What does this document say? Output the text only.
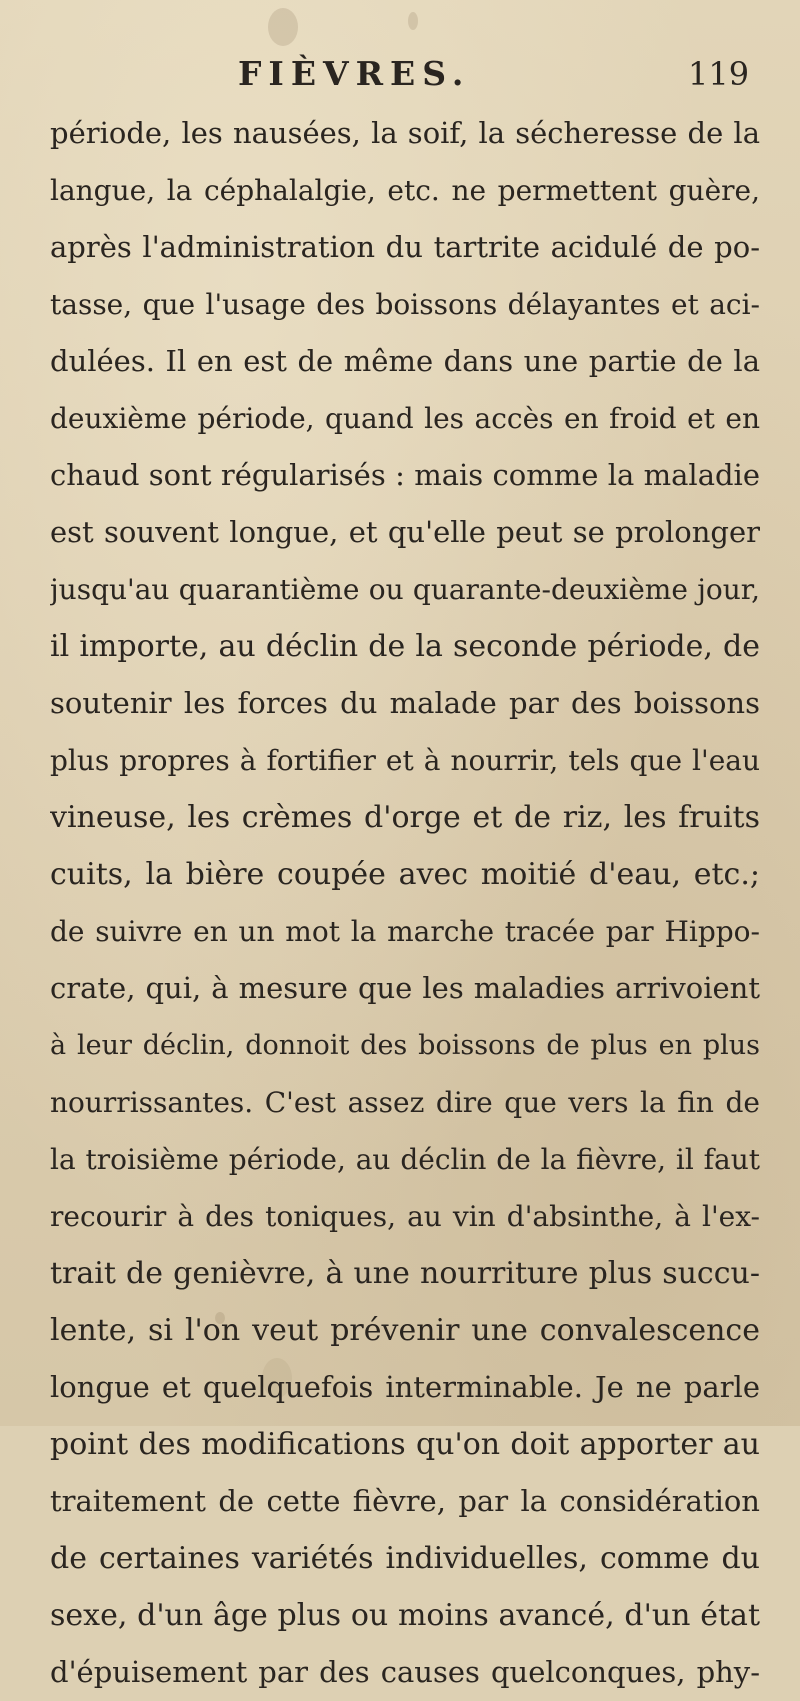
FIÈVRES.	119
période, les nausées, la soif, la sécheresse de la
langue, la céphalalgie, etc. ne permettent guère,
après l'administration du tartrite acidulé de po-
tasse, que l'usage des boissons délayantes et aci-
dulées. Il en est de même dans une partie de la
deuxième période, quand les accès en froid et en
chaud sont régularisés : mais comme la maladie
est souvent longue, et qu'elle peut se prolonger
jusqu'au quarantième ou quarante-deuxième jour,
il importe, au déclin de la seconde période, de
soutenir les forces du malade par des boissons
plus propres à fortifier et à nourrir, tels que l'eau
vineuse, les crèmes d'orge et de riz, les fruits
cuits, la bière coupée avec moitié d'eau, etc.;
de suivre en un mot la marche tracée par Hippo-
crate, qui, à mesure que les maladies arrivoient
à leur déclin, donnoit des boissons de plus en plus
nourrissantes. C'est assez dire que vers la fin de
la troisième période, au déclin de la fièvre, il faut
recourir à des toniques, au vin d'absinthe, à l'ex-
trait de genièvre, à une nourriture plus succu-
lente, si l'on veut prévenir une convalescence
longue et quelquefois interminable. Je ne parle
point des modifications qu'on doit apporter au
traitement de cette fièvre, par la considération
de certaines variétés individuelles, comme du
sexe, d'un âge plus ou moins avancé, d'un état
d'épuisement par des causes quelconques, phy-
